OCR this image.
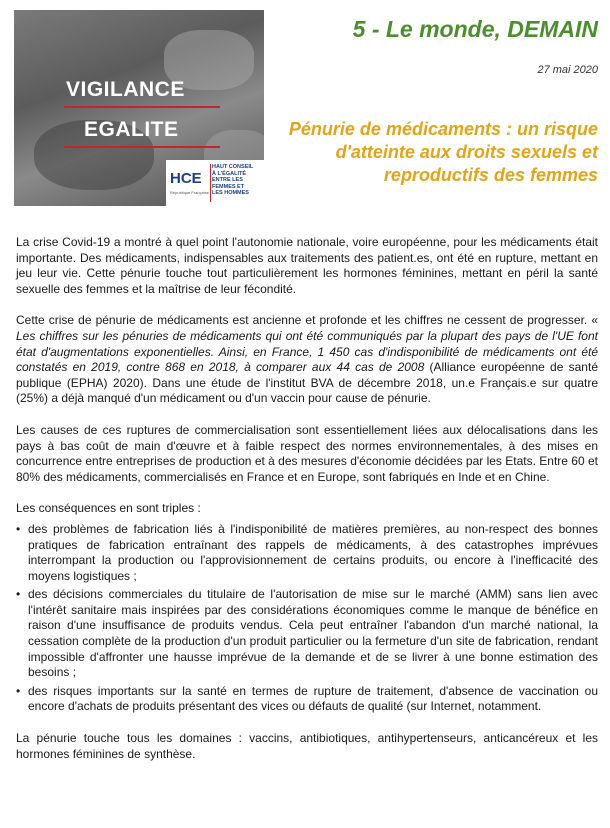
VIGILANCE
EGALITE
HCE
République Française
HAUT CONSEIL
À L'ÉGALITÉ
ENTRE LES
FEMMES ET
LES HOMMES
5 - Le monde, DEMAIN
27 mai 2020
Pénurie de médicaments : un risque d'atteinte aux droits sexuels et reproductifs des femmes

La crise Covid-19 a montré à quel point l'autonomie nationale, voire européenne, pour les médicaments était importante. Des médicaments, indispensables aux traitements des patient.es, ont été en rupture, mettant en jeu leur vie. Cette pénurie touche tout particulièrement les hormones féminines, mettant en péril la santé sexuelle des femmes et la maîtrise de leur fécondité.

Cette crise de pénurie de médicaments est ancienne et profonde et les chiffres ne cessent de progresser. « Les chiffres sur les pénuries de médicaments qui ont été communiqués par la plupart des pays de l'UE font état d'augmentations exponentielles. Ainsi, en France, 1 450 cas d'indisponibilité de médicaments ont été constatés en 2019, contre 868 en 2018, à comparer aux 44 cas de 2008 (Alliance européenne de santé publique (EPHA) 2020). Dans une étude de l'institut BVA de décembre 2018, un.e Français.e sur quatre (25%) a déjà manqué d'un médicament ou d'un vaccin pour cause de pénurie.

Les causes de ces ruptures de commercialisation sont essentiellement liées aux délocalisations dans les pays à bas coût de main d'œuvre et à faible respect des normes environnementales, à des mises en concurrence entre entreprises de production et à des mesures d'économie décidées par les Etats. Entre 60 et 80% des médicaments, commercialisés en France et en Europe, sont fabriqués en Inde et en Chine.

Les conséquences en sont triples :

• des problèmes de fabrication liés à l'indisponibilité de matières premières, au non-respect des bonnes pratiques de fabrication entraînant des rappels de médicaments, à des catastrophes imprévues interrompant la production ou l'approvisionnement de certains produits, ou encore à l'inefficacité des moyens logistiques ;
• des décisions commerciales du titulaire de l'autorisation de mise sur le marché (AMM) sans lien avec l'intérêt sanitaire mais inspirées par des considérations économiques comme le manque de bénéfice en raison d'une insuffisance de produits vendus. Cela peut entraîner l'abandon d'un marché national, la cessation complète de la production d'un produit particulier ou la fermeture d'un site de fabrication, rendant impossible d'affronter une hausse imprévue de la demande et de se livrer à une bonne estimation des besoins ;
• des risques importants sur la santé en termes de rupture de traitement, d'absence de vaccination ou encore d'achats de produits présentant des vices ou défauts de qualité (sur Internet, notamment.

La pénurie touche tous les domaines : vaccins, antibiotiques, antihypertenseurs, anticancéreux et les hormones féminines de synthèse.
